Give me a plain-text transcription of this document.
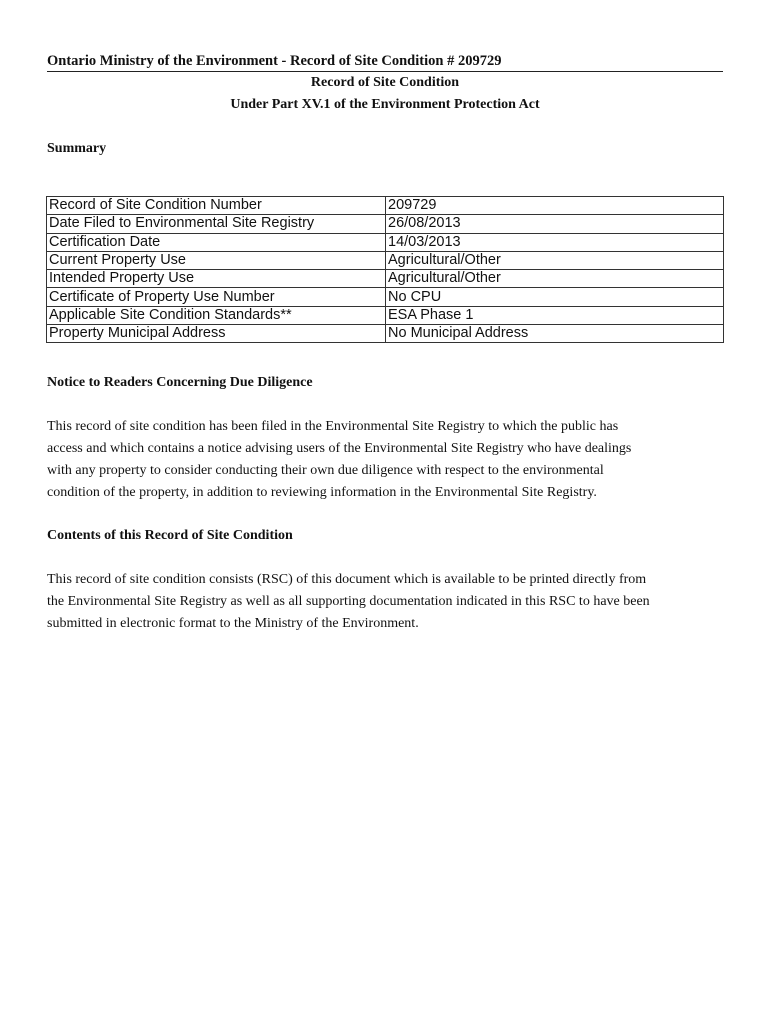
Ontario Ministry of the Environment - Record of Site Condition # 209729
Record of Site Condition
Under Part XV.1 of the Environment Protection Act
Summary
Record of Site Condition Number	209729
Date Filed to Environmental Site Registry	26/08/2013
Certification Date	14/03/2013
Current Property Use	Agricultural/Other
Intended Property Use	Agricultural/Other
Certificate of Property Use Number	No CPU
Applicable Site Condition Standards**	ESA Phase 1
Property Municipal Address	No Municipal Address
Notice to Readers Concerning Due Diligence

This record of site condition has been filed in the Environmental Site Registry to which the public has

access and which contains a notice advising users of the Environmental Site Registry who have dealings

with any property to consider conducting their own due diligence with respect to the environmental

condition of the property, in addition to reviewing information in the Environmental Site Registry.

Contents of this Record of Site Condition

This record of site condition consists (RSC) of this document which is available to be printed directly from

the Environmental Site Registry as well as all supporting documentation indicated in this RSC to have been

submitted in electronic format to the Ministry of the Environment.
